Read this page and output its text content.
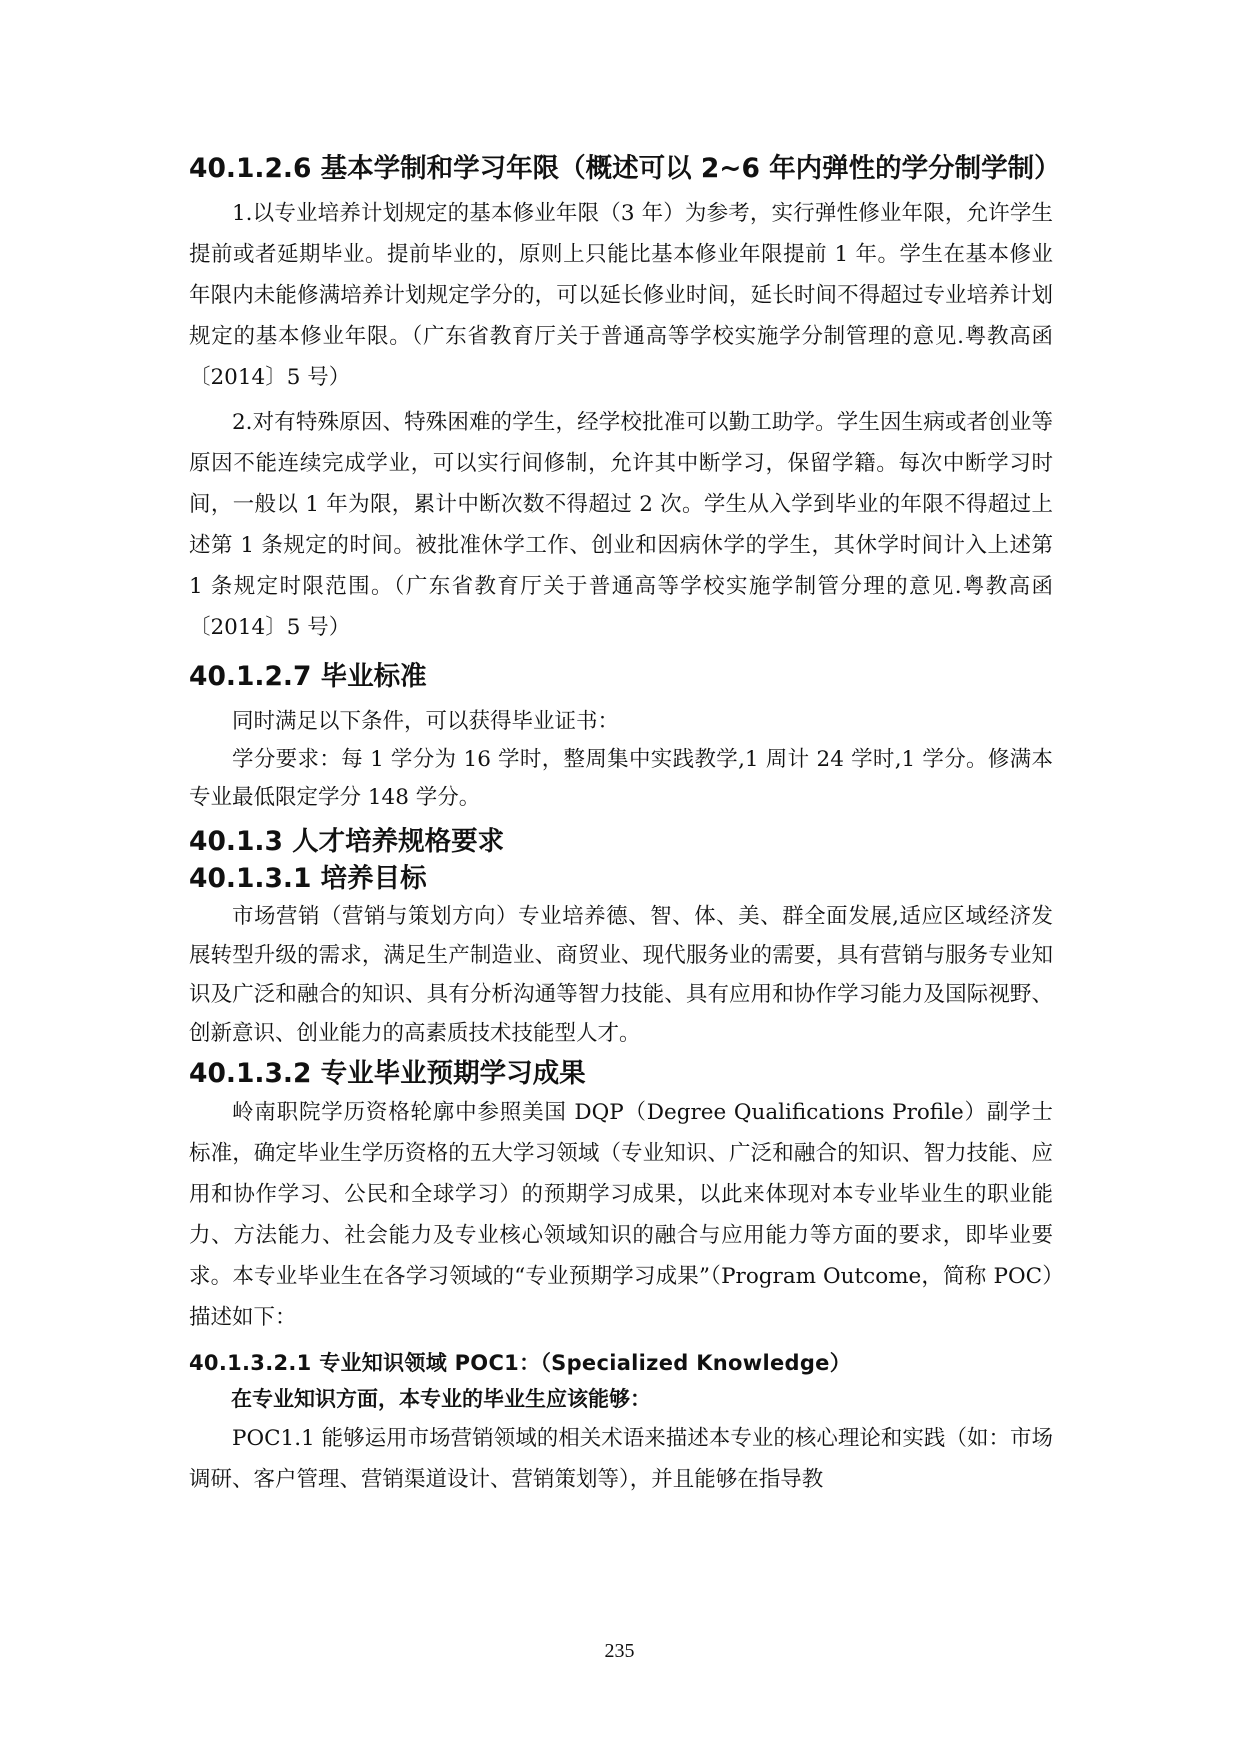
40.1.2.6 基本学制和学习年限（概述可以 2~6 年内弹性的学分制学制）

1.以专业培养计划规定的基本修业年限（3 年）为参考，实行弹性修业年限，允许学生提前或者延期毕业。提前毕业的，原则上只能比基本修业年限提前 1 年。学生在基本修业年限内未能修满培养计划规定学分的，可以延长修业时间，延长时间不得超过专业培养计划规定的基本修业年限。（广东省教育厅关于普通高等学校实施学分制管理的意见.粤教高函〔2014〕5 号）

2.对有特殊原因、特殊困难的学生，经学校批准可以勤工助学。学生因生病或者创业等原因不能连续完成学业，可以实行间修制，允许其中断学习，保留学籍。每次中断学习时间，一般以 1 年为限，累计中断次数不得超过 2 次。学生从入学到毕业的年限不得超过上述第 1 条规定的时间。被批准休学工作、创业和因病休学的学生，其休学时间计入上述第 1 条规定时限范围。（广东省教育厅关于普通高等学校实施学制管分理的意见.粤教高函〔2014〕5 号）

40.1.2.7 毕业标准

同时满足以下条件，可以获得毕业证书：

学分要求：每 1 学分为 16 学时，整周集中实践教学,1 周计 24 学时,1 学分。修满本专业最低限定学分 148 学分。

40.1.3 人才培养规格要求
40.1.3.1 培养目标

市场营销（营销与策划方向）专业培养德、智、体、美、群全面发展,适应区域经济发展转型升级的需求，满足生产制造业、商贸业、现代服务业的需要，具有营销与服务专业知识及广泛和融合的知识、具有分析沟通等智力技能、具有应用和协作学习能力及国际视野、创新意识、创业能力的高素质技术技能型人才。

40.1.3.2 专业毕业预期学习成果

岭南职院学历资格轮廓中参照美国 DQP（Degree Qualifications Profile）副学士标准，确定毕业生学历资格的五大学习领域（专业知识、广泛和融合的知识、智力技能、应用和协作学习、公民和全球学习）的预期学习成果，以此来体现对本专业毕业生的职业能力、方法能力、社会能力及专业核心领域知识的融合与应用能力等方面的要求，即毕业要求。本专业毕业生在各学习领域的“专业预期学习成果”（Program Outcome，简称 POC）描述如下：

40.1.3.2.1 专业知识领域 POC1：（Specialized Knowledge）

在专业知识方面，本专业的毕业生应该能够：

POC1.1 能够运用市场营销领域的相关术语来描述本专业的核心理论和实践（如：市场调研、客户管理、营销渠道设计、营销策划等），并且能够在指导教

235
